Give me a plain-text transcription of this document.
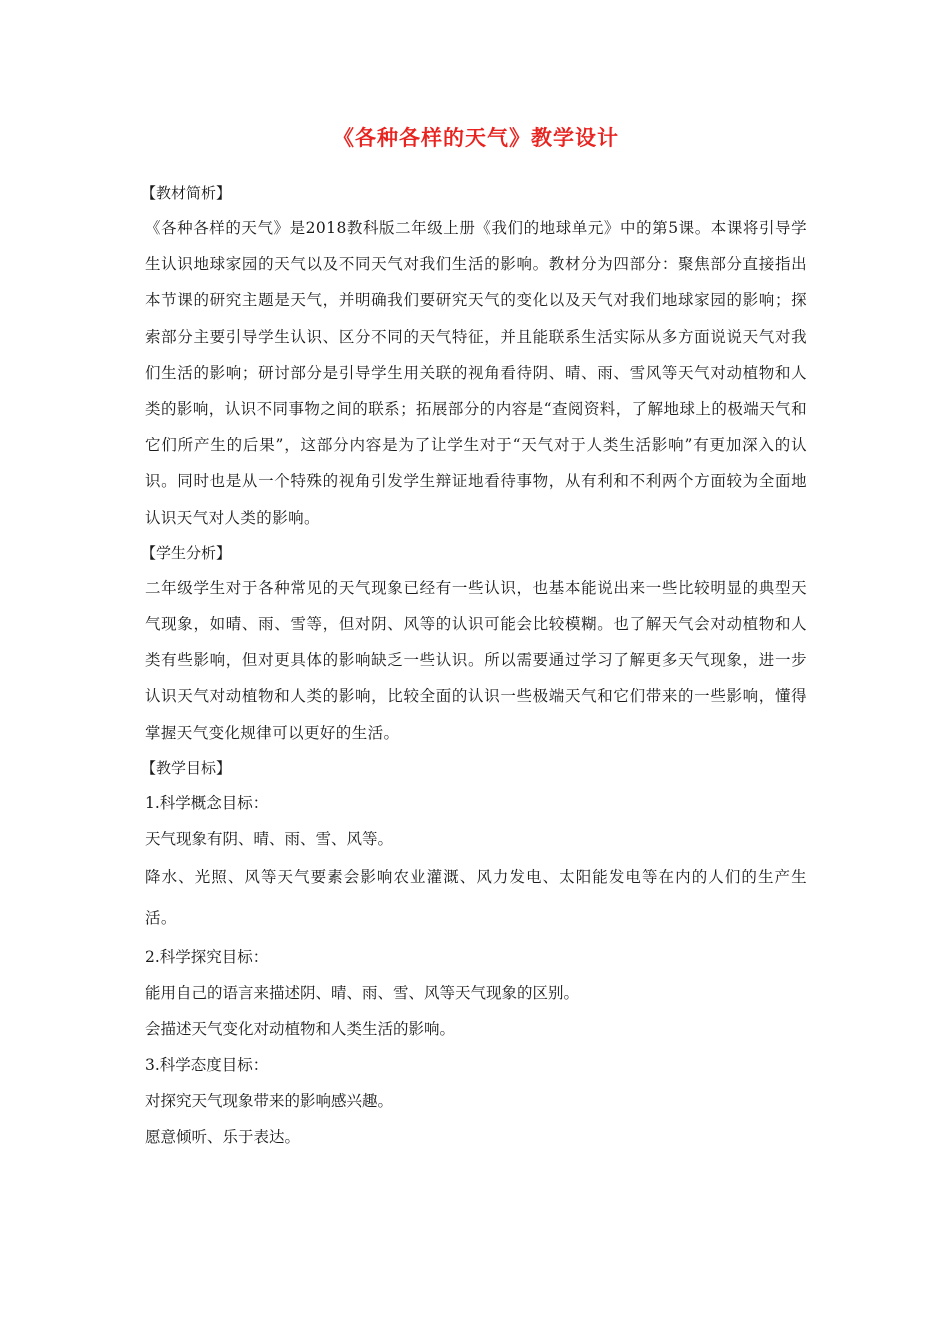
《各种各样的天气》教学设计

【教材简析】

《各种各样的天气》是2018教科版二年级上册《我们的地球单元》中的第5课。本课将引导学生认识地球家园的天气以及不同天气对我们生活的影响。教材分为四部分：聚焦部分直接指出本节课的研究主题是天气，并明确我们要研究天气的变化以及天气对我们地球家园的影响；探索部分主要引导学生认识、区分不同的天气特征，并且能联系生活实际从多方面说说天气对我们生活的影响；研讨部分是引导学生用关联的视角看待阴、晴、雨、雪风等天气对动植物和人类的影响，认识不同事物之间的联系；拓展部分的内容是“查阅资料，了解地球上的极端天气和它们所产生的后果”，这部分内容是为了让学生对于“天气对于人类生活影响”有更加深入的认识。同时也是从一个特殊的视角引发学生辩证地看待事物，从有利和不利两个方面较为全面地认识天气对人类的影响。

【学生分析】

二年级学生对于各种常见的天气现象已经有一些认识，也基本能说出来一些比较明显的典型天气现象，如晴、雨、雪等，但对阴、风等的认识可能会比较模糊。也了解天气会对动植物和人类有些影响，但对更具体的影响缺乏一些认识。所以需要通过学习了解更多天气现象，进一步认识天气对动植物和人类的影响，比较全面的认识一些极端天气和它们带来的一些影响，懂得掌握天气变化规律可以更好的生活。

【教学目标】

1.科学概念目标：

天气现象有阴、晴、雨、雪、风等。

降水、光照、风等天气要素会影响农业灌溉、风力发电、太阳能发电等在内的人们的生产生活。

2.科学探究目标：

能用自己的语言来描述阴、晴、雨、雪、风等天气现象的区别。

会描述天气变化对动植物和人类生活的影响。

3.科学态度目标：

对探究天气现象带来的影响感兴趣。

愿意倾听、乐于表达。
